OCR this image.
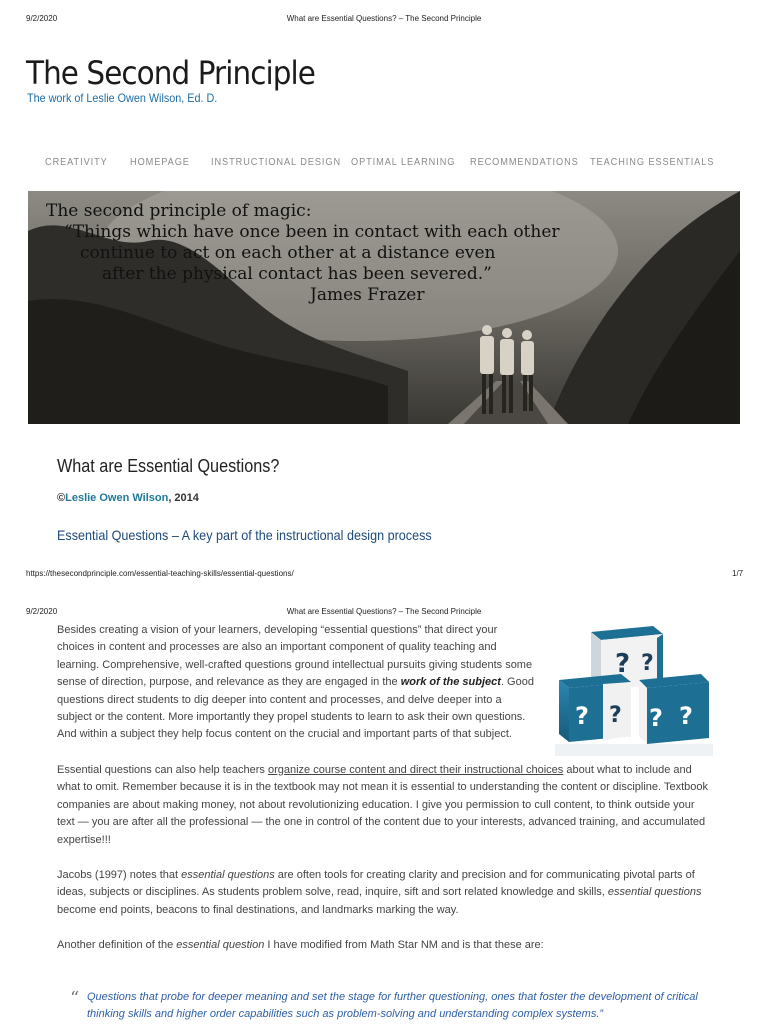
9/2/2020	What are Essential Questions? – The Second Principle
The Second Principle
The work of Leslie Owen Wilson, Ed. D.
CREATIVITY HOMEPAGE INSTRUCTIONAL DESIGN OPTIMAL LEARNING RECOMMENDATIONS TEACHING ESSENTIALS
The second principle of magic:
“Things which have once been in contact with each other
continue to act on each other at a distance even
after the physical contact has been severed.”
James Frazer
What are Essential Questions?
©Leslie Owen Wilson, 2014
Essential Questions – A key part of the instructional design process
https://thesecondprinciple.com/essential-teaching-skills/essential-questions/	1/7
9/2/2020	What are Essential Questions? – The Second Principle

Besides creating a vision of your learners, developing “essential questions” that direct your choices in content and processes are also an important component of quality teaching and learning. Comprehensive, well-crafted questions ground intellectual pursuits giving students some sense of direction, purpose, and relevance as they are engaged in the work of the subject. Good questions direct students to dig deeper into content and processes, and delve deeper into a subject or the content. More importantly they propel students to learn to ask their own questions. And within a subject they help focus content on the crucial and important parts of that subject.

? ?
? ? ? ?

Essential questions can also help teachers organize course content and direct their instructional choices about what to include and what to omit. Remember because it is in the textbook may not mean it is essential to understanding the content or discipline. Textbook companies are about making money, not about revolutionizing education. I give you permission to cull content, to think outside your text — you are after all the professional — the one in control of the content due to your interests, advanced training, and accumulated expertise!!!

Jacobs (1997) notes that essential questions are often tools for creating clarity and precision and for communicating pivotal parts of ideas, subjects or disciplines. As students problem solve, read, inquire, sift and sort related knowledge and skills, essential questions become end points, beacons to final destinations, and landmarks marking the way.

Another definition of the essential question I have modified from Math Star NM and is that these are:

“ Questions that probe for deeper meaning and set the stage for further questioning, ones that foster the development of critical thinking skills and higher order capabilities such as problem-solving and understanding complex systems.”
